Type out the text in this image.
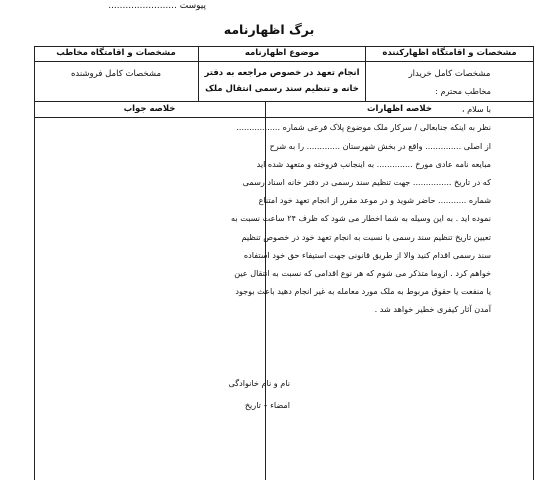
پیوست ........................
برگ اظهارنامه
مشخصات و اقامتگاه اظهارکننده
موضوع اظهارنامه
مشخصات و اقامتگاه مخاطب
مشخصات کامل خریدار
انجام تعهد در خصوص مراجعه به دفتر
خانه و تنظیم سند رسمی انتقال ملک
مشخصات کامل فروشنده
خلاصه اظهارات
خلاصه جواب

مخاطب محترم :

با سلام ،

نظر به اینکه جنابعالی / سرکار ملک موضوع پلاک فرعی شماره .................

از اصلی .............. واقع در بخش شهرستان ............. را به شرح

مبایعه نامه عادی مورخ .............. به اینجانب فروخته و متعهد شده اید

که در تاریخ ............... جهت تنظیم سند رسمی در دفتر خانه اسناد رسمی

شماره ........... حاضر شوید و در موعد مقرر از انجام تعهد خود امتناع

نموده اید . به این وسیله به شما اخطار می شود که ظرف ۲۴ ساعت نسبت به

تعیین تاریخ تنظیم سند رسمی با نسبت به انجام تعهد خود در خصوص تنظیم

سند رسمی اقدام کنید والا از طریق قانونی جهت استیفاء حق خود استفاده

خواهم کرد . ازوما متذکر می شوم که هر نوع اقدامی که نسبت به انتقال عین

یا منفعت یا حقوق مربوط به ملک مورد معامله به غیر انجام دهید باعث بوجود

آمدن آثار کیفری خطیر خواهد شد .

نام و نام خانوادگی
امضاء – تاریخ
